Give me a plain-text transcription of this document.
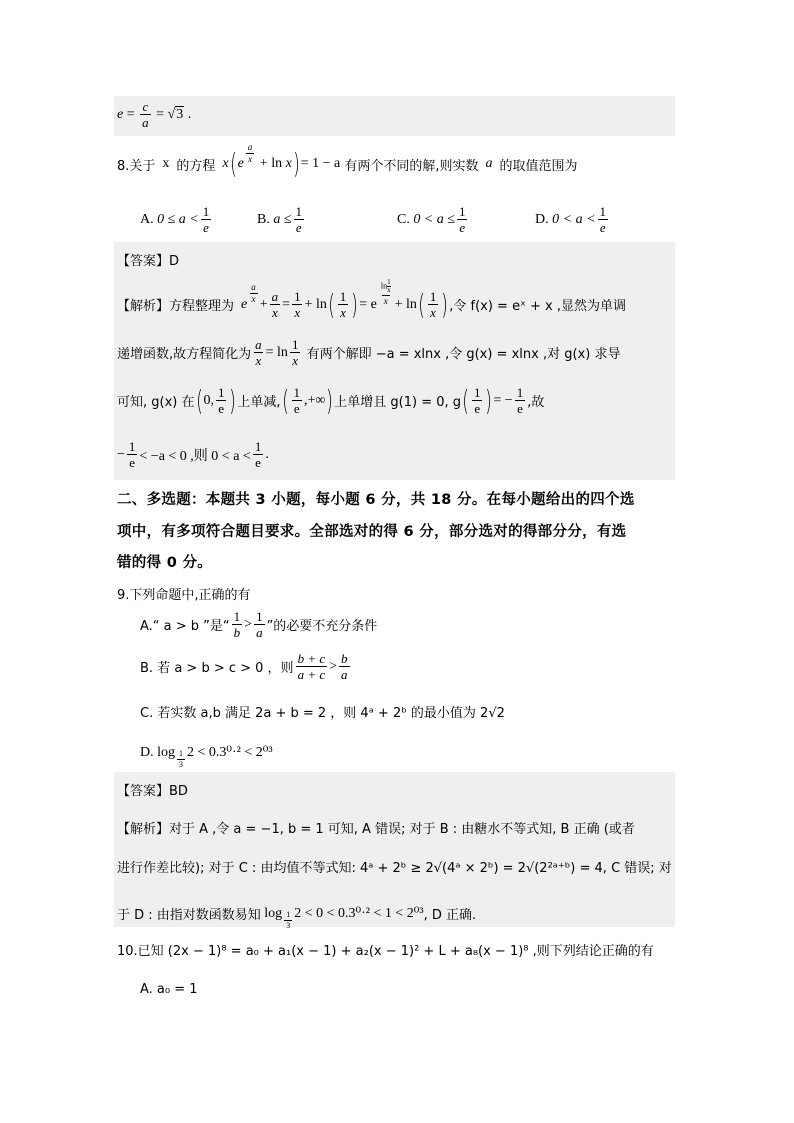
$e = \frac{c}{a} = √3$ .
8.关于 x 的方程 x ( e $\frac{a}{x} + \ln x$ ) = 1 − a
有两个不同的解,则实数 a 的取值范围为
A. $0 \le a < \frac{1}{e}$	B. $a \le \frac{1}{e}$	C. $0 < a \le \frac{1}{e}$	D. $0 < a < \frac{1}{e}$
【答案】D
【解析】 方程整理为 e $\frac{a}{x} + \frac{a}{x} = \frac{1}{x} + \ln$ ( $\frac{1}{x}$ ) = e $\frac{\ln \frac{1}{x}}{x} + \ln$ ( $\frac{1}{x}$ ) ,令 f(x) = eˣ + x ,显然为单调
递增函数,故方程简化为 $\frac{a}{x} = \ln \frac{1}{x}$
有两个解即 −a = xlnx ,令 g(x) = xlnx ,对 g(x) 求导
可知, g(x) 在 ( 0, $\frac{1}{e}$ ) 上单减, ( $\frac{1}{e}$ ,+∞ ) 上单增且 g(1) = 0, g ( $\frac{1}{e}$ ) = − $\frac{1}{e}$ ,故
− $\frac{1}{e} < -a < 0$ ,则 $0 < a < \frac{1}{e}$ .
二、多选题：本题共 3 小题，每小题 6 分，共 18 分。在每小题给出的四个选
项中，有多项符合题目要求。全部选对的得 6 分，部分选对的得部分分，有选
错的得 0 分。
9.下列命题中,正确的有
A.“ a > b ”是“ $\frac{1}{b} > \frac{1}{a}$ ”的必要不充分条件
B. 若 a > b > c > 0 ，则 $\frac{b + c}{a + c} > \frac{b}{a}$
C. 若实数 a,b 满足 2a + b = 2 ，则 4ᵃ + 2ᵇ 的最小值为 2√2
D. $\log \frac{1}{3} 2 < 0.3^0\cdot^2 < 2^{03}$
【答案】BD
【解析】对于 A ,令 a = −1, b = 1 可知, A 错误; 对于 B : 由糖水不等式知, B 正确 (或者
进行作差比较); 对于 C : 由均值不等式知: 4ᵃ + 2ᵇ ≥ 2√(4ᵃ × 2ᵇ) = 2√(2²ᵃ⁺ᵇ) = 4, C 错误; 对
于 D : 由指对数函数易知 $\log \frac{1}{3} 2 < 0 < 0.3^0\cdot^2 < 1 < 2^{03}$ , D 正确.
10.已知 (2x − 1)⁸ = a₀ + a₁(x − 1) + a₂(x − 1)² + L + a₈(x − 1)⁸ ,则下列结论正确的有
A. a₀ = 1
